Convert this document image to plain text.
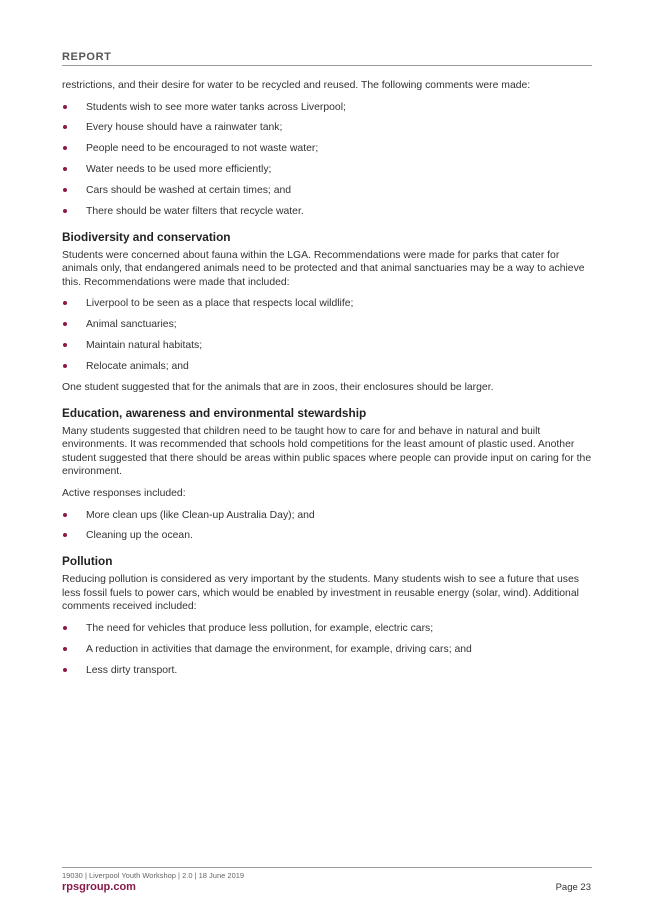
REPORT

restrictions, and their desire for water to be recycled and reused. The following comments were made:

Students wish to see more water tanks across Liverpool;
Every house should have a rainwater tank;
People need to be encouraged to not waste water;
Water needs to be used more efficiently;
Cars should be washed at certain times; and
There should be water filters that recycle water.
Biodiversity and conservation

Students were concerned about fauna within the LGA. Recommendations were made for parks that cater for animals only, that endangered animals need to be protected and that animal sanctuaries may be a way to achieve this. Recommendations were made that included:

Liverpool to be seen as a place that respects local wildlife;
Animal sanctuaries;
Maintain natural habitats;
Relocate animals; and

One student suggested that for the animals that are in zoos, their enclosures should be larger.

Education, awareness and environmental stewardship

Many students suggested that children need to be taught how to care for and behave in natural and built environments. It was recommended that schools hold competitions for the least amount of plastic used. Another student suggested that there should be areas within public spaces where people can provide input on caring for the environment.

Active responses included:

More clean ups (like Clean-up Australia Day); and
Cleaning up the ocean.
Pollution

Reducing pollution is considered as very important by the students. Many students wish to see a future that uses less fossil fuels to power cars, which would be enabled by investment in reusable energy (solar, wind). Additional comments received included:

The need for vehicles that produce less pollution, for example, electric cars;
A reduction in activities that damage the environment, for example, driving cars; and
Less dirty transport.
19030 | Liverpool Youth Workshop | 2.0 | 18 June 2019
rpsgroup.com	Page 23
